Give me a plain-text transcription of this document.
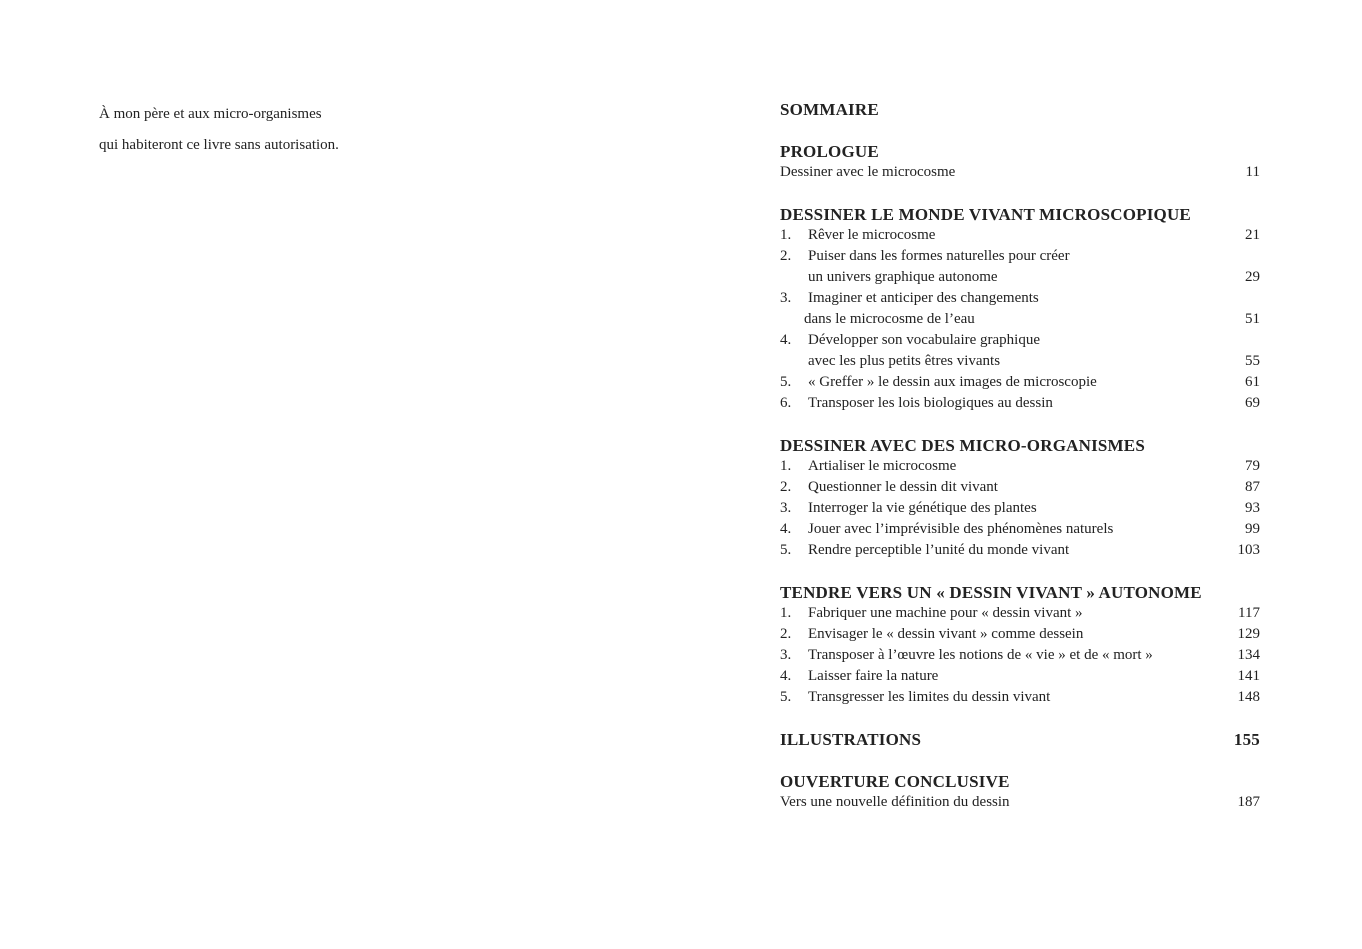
À mon père et aux micro-organismes
qui habiteront ce livre sans autorisation.
SOMMAIRE
PROLOGUE
Dessiner avec le microcosme	11
DESSINER LE MONDE VIVANT MICROSCOPIQUE
1.	Rêver le microcosme	21
2.	Puiser dans les formes naturelles pour créer
un univers graphique autonome	29
3.	Imaginer et anticiper des changements
dans le microcosme de l’eau	51
4.	Développer son vocabulaire graphique
avec les plus petits êtres vivants	55
5.	« Greffer » le dessin aux images de microscopie	61
6.	Transposer les lois biologiques au dessin	69
DESSINER AVEC DES MICRO-ORGANISMES
1.	Artialiser le microcosme	79
2.	Questionner le dessin dit vivant	87
3.	Interroger la vie génétique des plantes	93
4.	Jouer avec l’imprévisible des phénomènes naturels	99
5.	Rendre perceptible l’unité du monde vivant	103
TENDRE VERS UN « DESSIN VIVANT » AUTONOME
1.	Fabriquer une machine pour « dessin vivant »	117
2.	Envisager le « dessin vivant » comme dessein	129
3.	Transposer à l’œuvre les notions de « vie » et de « mort »	134
4.	Laisser faire la nature	141
5.	Transgresser les limites du dessin vivant	148
ILLUSTRATIONS	155
OUVERTURE CONCLUSIVE
Vers une nouvelle définition du dessin	187
